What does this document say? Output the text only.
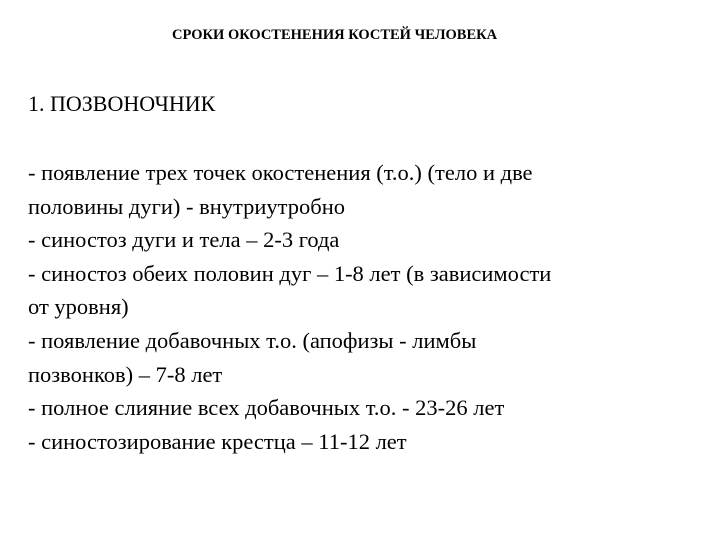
СРОКИ ОКОСТЕНЕНИЯ КОСТЕЙ ЧЕЛОВЕКА
1. ПОЗВОНОЧНИК
- появление трех точек окостенения (т.о.) (тело и две
половины дуги) - внутриутробно
- синостоз дуги и тела – 2-3 года
- синостоз обеих половин дуг – 1-8 лет (в зависимости
от уровня)
- появление добавочных т.о. (апофизы - лимбы
позвонков) – 7-8 лет
- полное слияние всех добавочных т.о. - 23-26 лет
- синостозирование крестца – 11-12 лет
